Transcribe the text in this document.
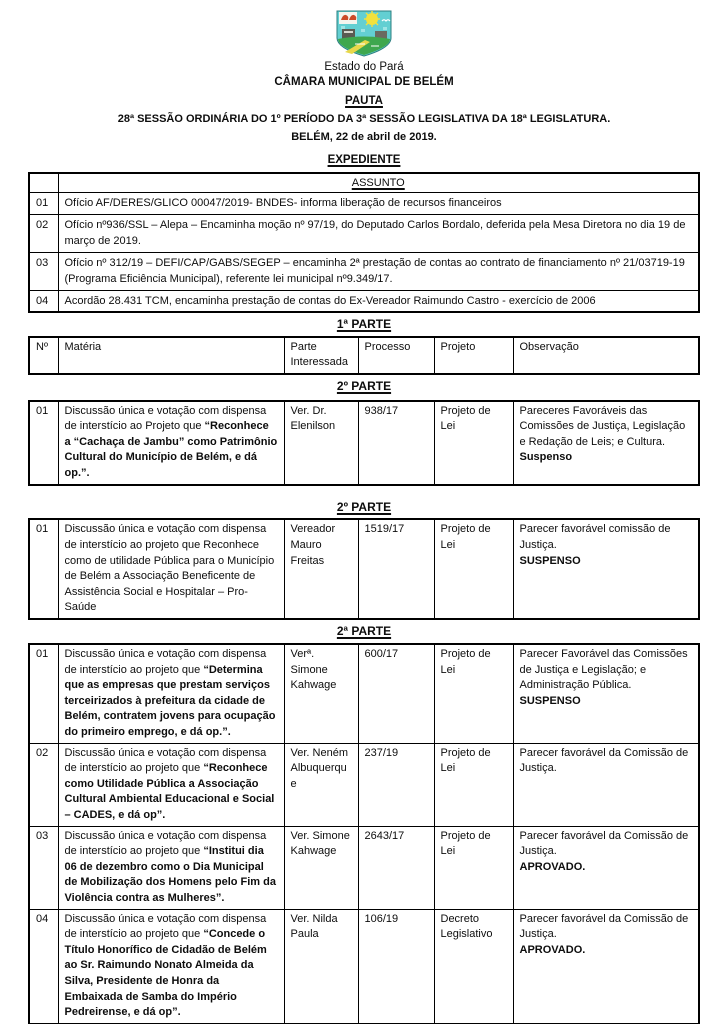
Estado do Pará
CÂMARA MUNICIPAL DE BELÉM
PAUTA
28ª SESSÃO ORDINÁRIA DO 1º PERÍODO DA 3ª SESSÃO LEGISLATIVA DA 18ª LEGISLATURA.
BELÉM, 22 de abril de 2019.
EXPEDIENTE
	ASSUNTO
01	Ofício AF/DERES/GLICO 00047/2019- BNDES- informa liberação de recursos financeiros
02	Ofício nº936/SSL – Alepa – Encaminha moção nº 97/19, do Deputado Carlos Bordalo, deferida pela Mesa Diretora no dia 19 de março de 2019.
03	Ofício nº 312/19 – DEFI/CAP/GABS/SEGEP – encaminha 2ª prestação de contas ao contrato de financiamento nº 21/03719-19 (Programa Eficiência Municipal), referente lei municipal nº9.349/17.
04	Acordão 28.431 TCM, encaminha prestação de contas do Ex-Vereador Raimundo Castro - exercício de 2006
1ª PARTE
Nº	Matéria	Parte Interessada	Processo	Projeto	Observação
2º PARTE
01	Discussão única e votação com dispensa de interstício ao Projeto que “Reconhece a “Cachaça de Jambu” como Patrimônio Cultural do Município de Belém, e dá op.”.	Ver. Dr. Elenilson	938/17	Projeto de Lei	Pareceres Favoráveis das Comissões de Justiça, Legislação e Redação de Leis; e Cultura.
Suspenso
2º PARTE
01	Discussão única e votação com dispensa de interstício ao projeto que Reconhece como de utilidade Pública para o Município de Belém a Associação Beneficente de Assistência Social e Hospitalar – Pro-Saúde	Vereador Mauro Freitas	1519/17	Projeto de Lei	Parecer favorável comissão de Justiça.
SUSPENSO
2ª PARTE
01	Discussão única e votação com dispensa de interstício ao projeto que “Determina que as empresas que prestam serviços terceirizados à prefeitura da cidade de Belém, contratem jovens para ocupação do primeiro emprego, e dá op.”.	Verª. Simone Kahwage	600/17	Projeto de Lei	Parecer Favorável das Comissões de Justiça e Legislação; e Administração Pública.
SUSPENSO

02	Discussão única e votação com dispensa de interstício ao projeto que “Reconhece como Utilidade Pública a Associação Cultural Ambiental Educacional e Social – CADES, e dá op”.	Ver. Neném Albuquerque	237/19	Projeto de Lei	Parecer favorável da Comissão de Justiça.

03	Discussão única e votação com dispensa de interstício ao projeto que “Institui dia 06 de dezembro como o Dia Municipal de Mobilização dos Homens pelo Fim da Violência contra as Mulheres”.	Ver. Simone Kahwage	2643/17	Projeto de Lei	Parecer favorável da Comissão de Justiça.
APROVADO.

04	Discussão única e votação com dispensa de interstício ao projeto que “Concede o Título Honorífico de Cidadão de Belém ao Sr. Raimundo Nonato Almeida da Silva, Presidente de Honra da Embaixada de Samba do Império Pedreirense, e dá op”.	Ver. Nilda Paula	106/19	Decreto Legislativo	Parecer favorável da Comissão de Justiça.
APROVADO.
